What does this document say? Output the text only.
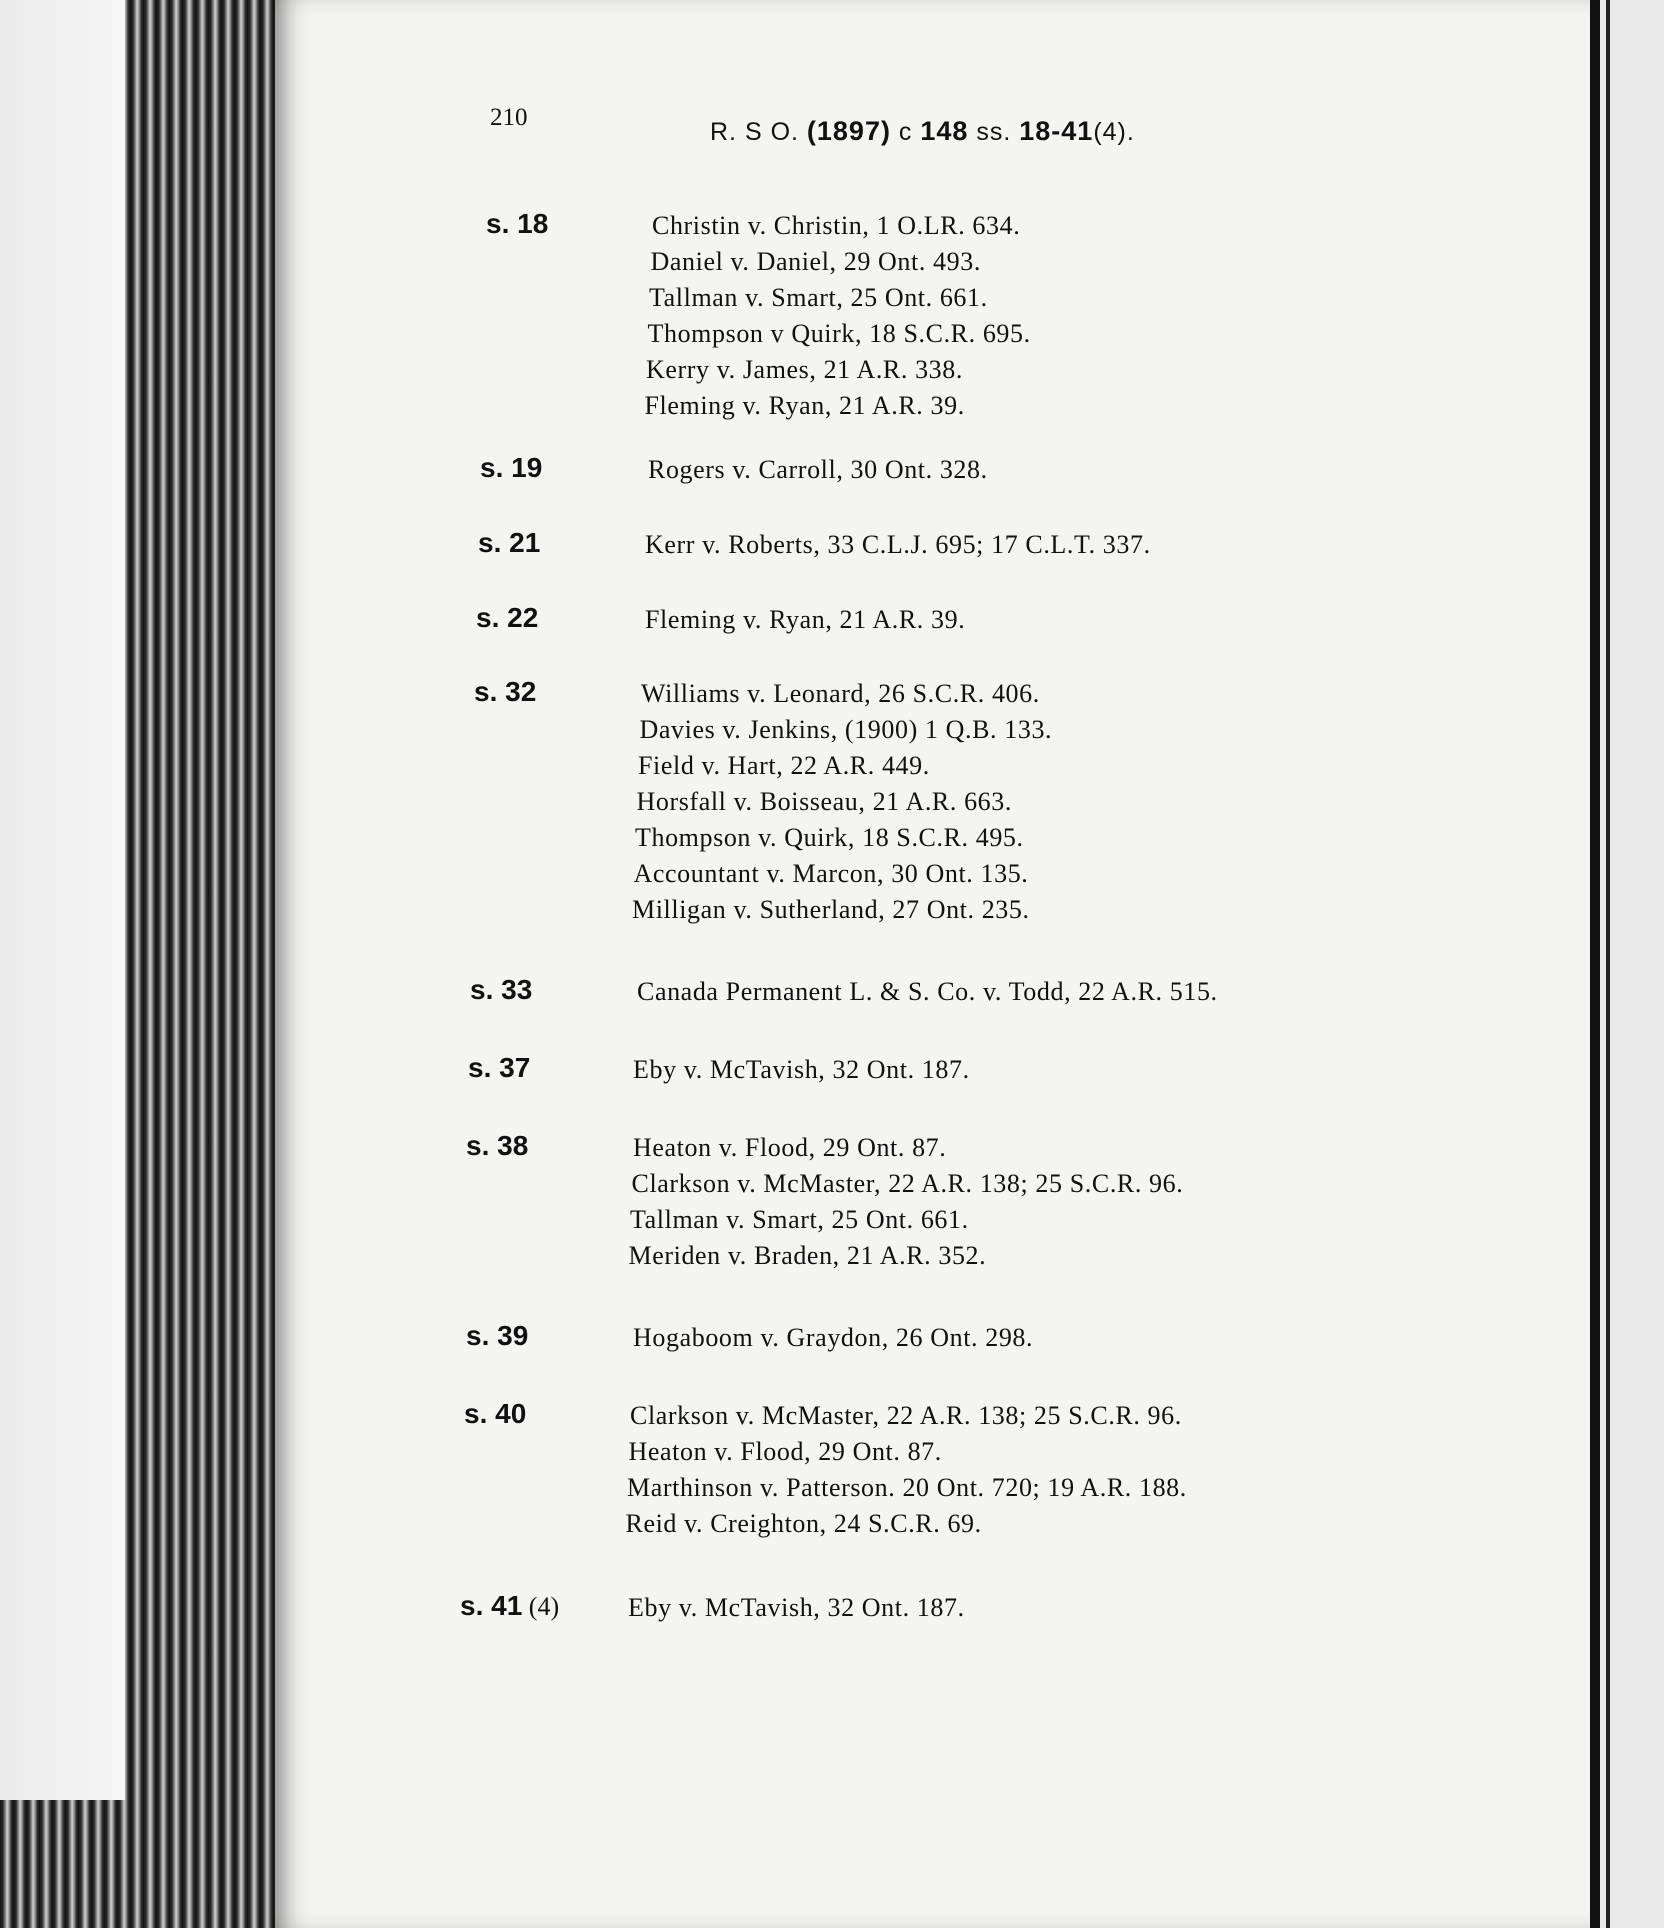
210
R. S O. (1897) c 148 ss. 18-41(4).
s. 18	Christin v. Christin, 1 O.LR. 634.
Daniel v. Daniel, 29 Ont. 493.
Tallman v. Smart, 25 Ont. 661.
Thompson v Quirk, 18 S.C.R. 695.
Kerry v. James, 21 A.R. 338.
Fleming v. Ryan, 21 A.R. 39.
s. 19	Rogers v. Carroll, 30 Ont. 328.
s. 21	Kerr v. Roberts, 33 C.L.J. 695; 17 C.L.T. 337.
s. 22	Fleming v. Ryan, 21 A.R. 39.
s. 32	Williams v. Leonard, 26 S.C.R. 406.
Davies v. Jenkins, (1900) 1 Q.B. 133.
Field v. Hart, 22 A.R. 449.
Horsfall v. Boisseau, 21 A.R. 663.
Thompson v. Quirk, 18 S.C.R. 495.
Accountant v. Marcon, 30 Ont. 135.
Milligan v. Sutherland, 27 Ont. 235.
s. 33	Canada Permanent L. & S. Co. v. Todd, 22 A.R. 515.
s. 37	Eby v. McTavish, 32 Ont. 187.
s. 38	Heaton v. Flood, 29 Ont. 87.
Clarkson v. McMaster, 22 A.R. 138; 25 S.C.R. 96.
Tallman v. Smart, 25 Ont. 661.
Meriden v. Braden, 21 A.R. 352.
s. 39	Hogaboom v. Graydon, 26 Ont. 298.
s. 40	Clarkson v. McMaster, 22 A.R. 138; 25 S.C.R. 96.
Heaton v. Flood, 29 Ont. 87.
Marthinson v. Patterson. 20 Ont. 720; 19 A.R. 188.
Reid v. Creighton, 24 S.C.R. 69.
s. 41 (4)	Eby v. McTavish, 32 Ont. 187.
